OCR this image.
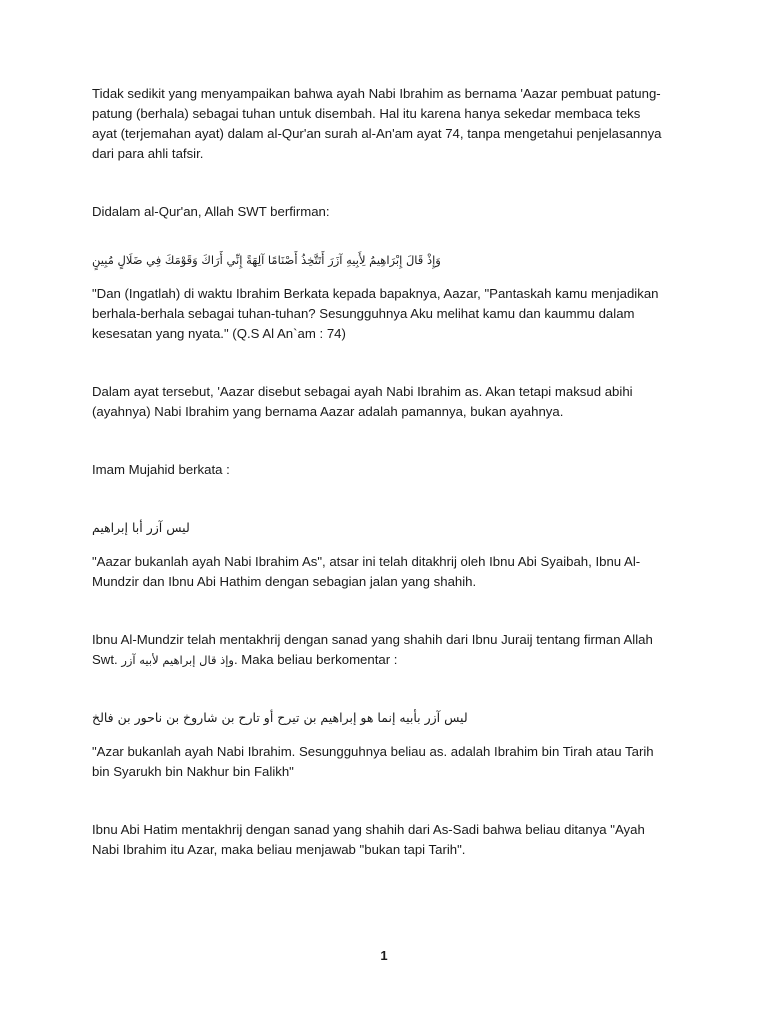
Tidak sedikit yang menyampaikan bahwa ayah Nabi Ibrahim as bernama 'Aazar pembuat patung-patung (berhala) sebagai tuhan untuk disembah. Hal itu karena hanya sekedar membaca teks ayat (terjemahan ayat) dalam al-Qur'an surah al-An'am ayat 74, tanpa mengetahui penjelasannya dari para ahli tafsir.

Didalam al-Qur'an, Allah SWT berfirman:

وَإِذْ قَالَ إِبْرَاهِيمُ لِأَبِيهِ آزَرَ أَتَتَّخِذُ أَصْنَامًا آلِهَةً إِنِّي أَرَاكَ وَقَوْمَكَ فِي ضَلَالٍ مُبِينٍ

"Dan (Ingatlah) di waktu Ibrahim Berkata kepada bapaknya, Aazar, "Pantaskah kamu menjadikan berhala-berhala sebagai tuhan-tuhan? Sesungguhnya Aku melihat kamu dan kaummu dalam kesesatan yang nyata." (Q.S Al An`am : 74)

Dalam ayat tersebut, 'Aazar disebut sebagai ayah Nabi Ibrahim as. Akan tetapi maksud abihi (ayahnya) Nabi Ibrahim yang bernama Aazar adalah pamannya, bukan ayahnya.

Imam Mujahid berkata :

ليس آزر أبا إبراهيم

"Aazar bukanlah ayah Nabi Ibrahim As", atsar ini telah ditakhrij oleh Ibnu Abi Syaibah, Ibnu Al-Mundzir dan Ibnu Abi Hathim dengan sebagian jalan yang shahih.

Ibnu Al-Mundzir telah mentakhrij dengan sanad yang shahih dari Ibnu Juraij tentang firman Allah Swt. وإذ قال إبراهيم لأبيه آزر. Maka beliau berkomentar :

ليس آزر بأبيه إنما هو إبراهيم بن تيرح أو تارح بن شاروخ بن ناحور بن فالخ

"Azar bukanlah ayah Nabi Ibrahim. Sesungguhnya beliau as. adalah Ibrahim bin Tirah atau Tarih bin Syarukh bin Nakhur bin Falikh"

Ibnu Abi Hatim mentakhrij dengan sanad yang shahih dari As-Sadi bahwa beliau ditanya "Ayah Nabi Ibrahim itu Azar, maka beliau menjawab "bukan tapi Tarih".

1
